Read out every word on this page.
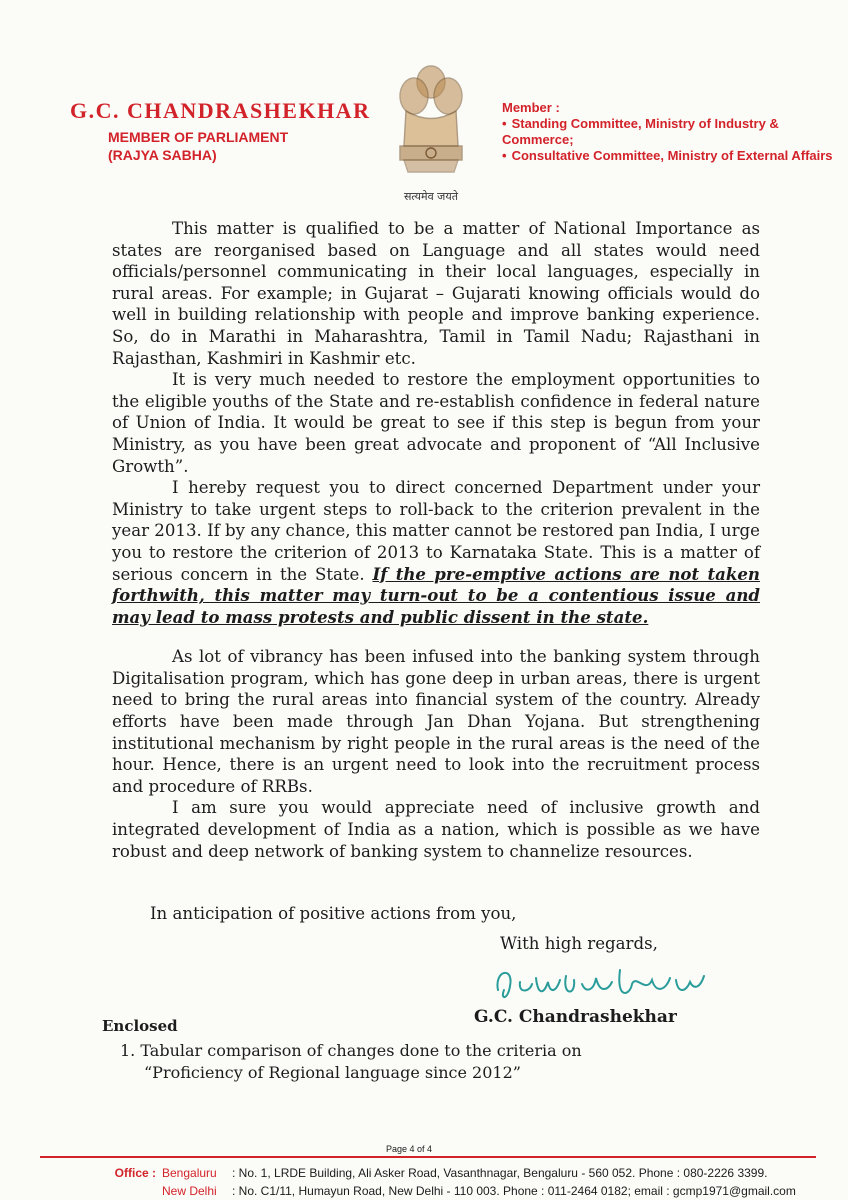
G.C. CHANDRASHEKHAR
MEMBER OF PARLIAMENT
(RAJYA SABHA)
सत्यमेव जयते
Member :
• Standing Committee, Ministry of Industry & Commerce;
• Consultative Committee, Ministry of External Affairs

This matter is qualified to be a matter of National Importance as states are reorganised based on Language and all states would need officials/personnel communicating in their local languages, especially in rural areas. For example; in Gujarat – Gujarati knowing officials would do well in building relationship with people and improve banking experience. So, do in Marathi in Maharashtra, Tamil in Tamil Nadu; Rajasthani in Rajasthan, Kashmiri in Kashmir etc.

It is very much needed to restore the employment opportunities to the eligible youths of the State and re-establish confidence in federal nature of Union of India. It would be great to see if this step is begun from your Ministry, as you have been great advocate and proponent of “All Inclusive Growth”.

I hereby request you to direct concerned Department under your Ministry to take urgent steps to roll-back to the criterion prevalent in the year 2013. If by any chance, this matter cannot be restored pan India, I urge you to restore the criterion of 2013 to Karnataka State. This is a matter of serious concern in the State. If the pre-emptive actions are not taken forthwith, this matter may turn-out to be a contentious issue and may lead to mass protests and public dissent in the state.

As lot of vibrancy has been infused into the banking system through Digitalisation program, which has gone deep in urban areas, there is urgent need to bring the rural areas into financial system of the country. Already efforts have been made through Jan Dhan Yojana. But strengthening institutional mechanism by right people in the rural areas is the need of the hour. Hence, there is an urgent need to look into the recruitment process and procedure of RRBs.

I am sure you would appreciate need of inclusive growth and integrated development of India as a nation, which is possible as we have robust and deep network of banking system to channelize resources.

In anticipation of positive actions from you,
With high regards,
G.C. Chandrashekhar
Enclosed
1. Tabular comparison of changes done to the criteria on
“Proficiency of Regional language since 2012”
Page 4 of 4
Office : Bengaluru : No. 1, LRDE Building, Ali Asker Road, Vasanthnagar, Bengaluru - 560 052. Phone : 080-2226 3399.
New Delhi : No. C1/11, Humayun Road, New Delhi - 110 003. Phone : 011-2464 0182; email : gcmp1971@gmail.com
